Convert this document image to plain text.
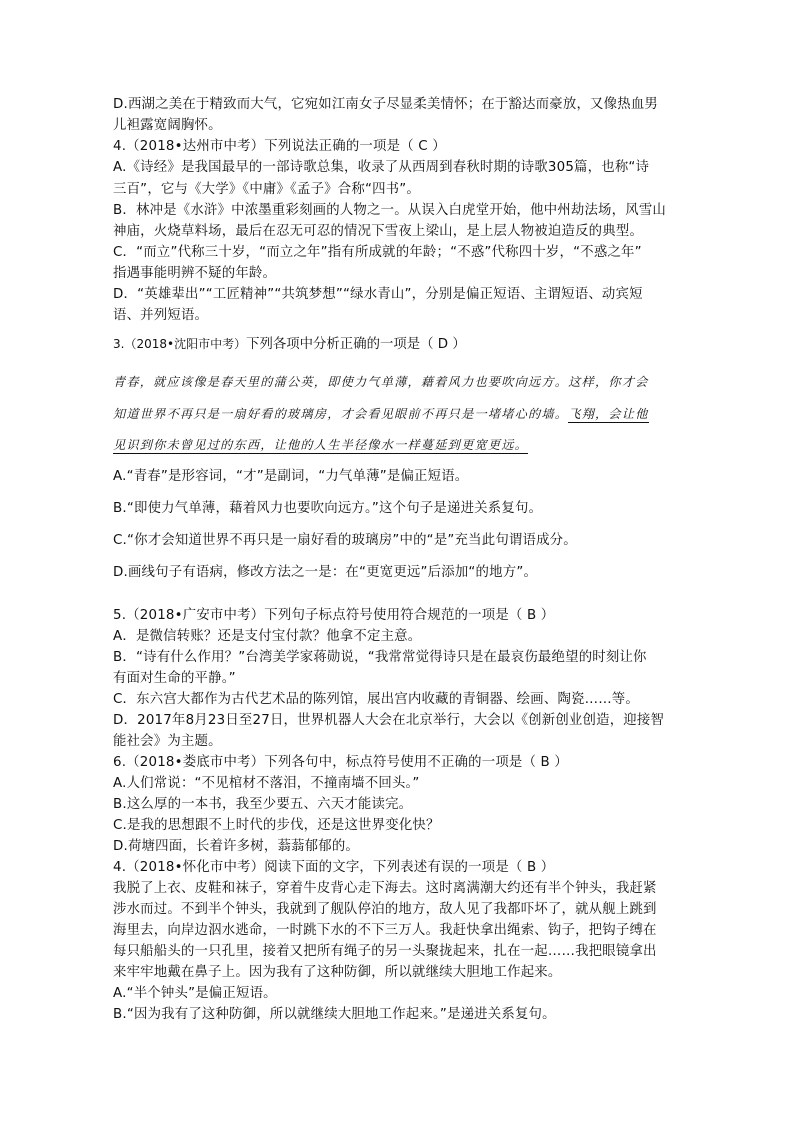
D.西湖之美在于精致而大气，它宛如江南女子尽显柔美情怀；在于豁达而豪放，又像热血男
儿袒露宽阔胸怀。
4.（2018•达州市中考）下列说法正确的一项是（ C ）
A.《诗经》是我国最早的一部诗歌总集，收录了从西周到春秋时期的诗歌305篇，也称“诗
三百”，它与《大学》《中庸》《孟子》合称“四书”。
B．林冲是《水浒》中浓墨重彩刻画的人物之一。从误入白虎堂开始，他中州劫法场，风雪山
神庙，火烧草料场，最后在忍无可忍的情况下雪夜上梁山，是上层人物被迫造反的典型。
C．“而立”代称三十岁，“而立之年”指有所成就的年龄；“不惑”代称四十岁，“不惑之年”
指遇事能明辨不疑的年龄。
D．“英雄辈出”“工匠精神”“共筑梦想”“绿水青山”，分别是偏正短语、主谓短语、动宾短
语、并列短语。
3.（2018•沈阳市中考）下列各项中分析正确的一项是（ D ）
青春，就应该像是春天里的蒲公英，即使力气单薄，藉着风力也要吹向远方。这样，你才会
知道世界不再只是一扇好看的玻璃房，才会看见眼前不再只是一堵堵心的墙。飞翔，会让他
见识到你未曾见过的东西，让他的人生半径像水一样蔓延到更宽更远。
A.“青春”是形容词，“才”是副词，“力气单薄”是偏正短语。
B.“即使力气单薄，藉着风力也要吹向远方。”这个句子是递进关系复句。
C.“你才会知道世界不再只是一扇好看的玻璃房”中的“是”充当此句谓语成分。
D.画线句子有语病，修改方法之一是：在“更宽更远”后添加“的地方”。
5.（2018•广安市中考）下列句子标点符号使用符合规范的一项是（ B ）
A．是微信转账？还是支付宝付款？他拿不定主意。
B．“诗有什么作用？”台湾美学家蒋勋说，“我常常觉得诗只是在最哀伤最绝望的时刻让你
有面对生命的平静。”
C．东六宫大都作为古代艺术品的陈列馆，展出宫内收藏的青铜器、绘画、陶瓷……等。
D．2017年8月23日至27日，世界机器人大会在北京举行，大会以《创新创业创造，迎接智
能社会》为主题。
6.（2018•娄底市中考）下列各句中，标点符号使用不正确的一项是（ B ）
A.人们常说：“不见棺材不落泪，不撞南墙不回头。”
B.这么厚的一本书，我至少要五、六天才能读完。
C.是我的思想跟不上时代的步伐，还是这世界变化快？
D.荷塘四面，长着许多树，蓊蓊郁郁的。
4.（2018•怀化市中考）阅读下面的文字，下列表述有误的一项是（ B ）
我脱了上衣、皮鞋和袜子，穿着牛皮背心走下海去。这时离满潮大约还有半个钟头，我赶紧
涉水而过。不到半个钟头，我就到了舰队停泊的地方，敌人见了我都吓坏了，就从舰上跳到
海里去，向岸边泅水逃命，一时跳下水的不下三万人。我赶快拿出绳索、钩子，把钩子缚在
每只船船头的一只孔里，接着又把所有绳子的另一头聚拢起来，扎在一起……我把眼镜拿出
来牢牢地戴在鼻子上。因为我有了这种防御，所以就继续大胆地工作起来。
A.“半个钟头”是偏正短语。
B.“因为我有了这种防御，所以就继续大胆地工作起来。”是递进关系复句。
